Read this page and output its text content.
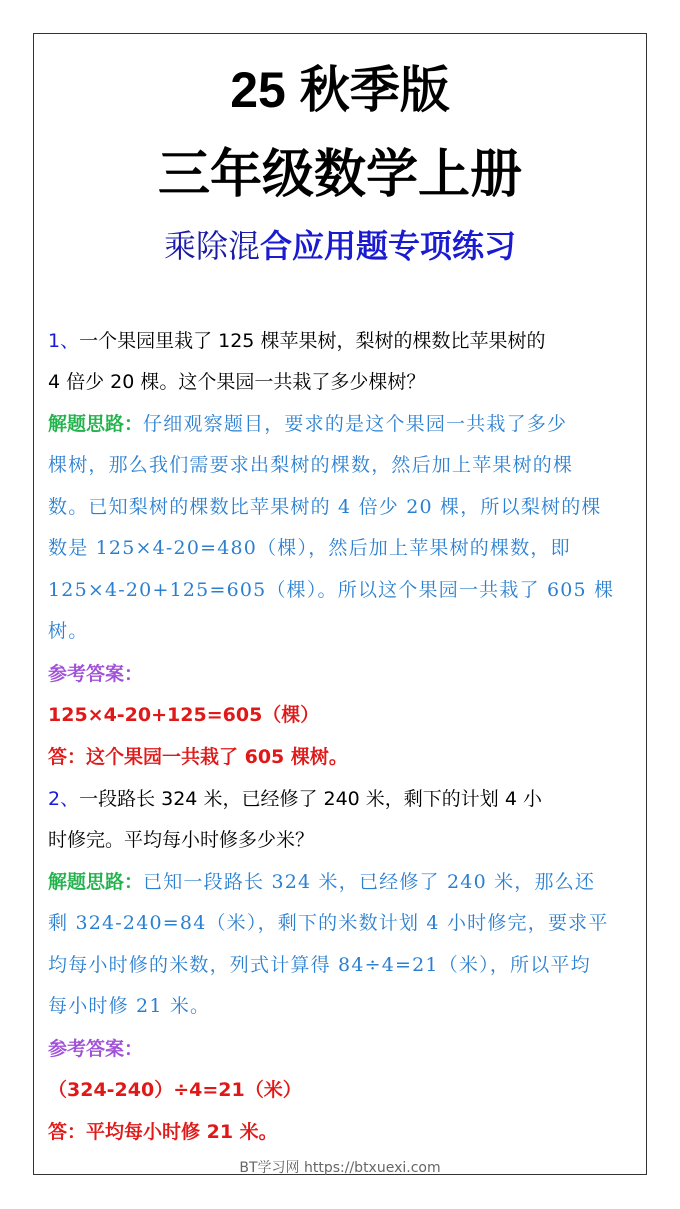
25 秋季版
三年级数学上册
乘除混合应用题专项练习
1、一个果园里栽了 125 棵苹果树，梨树的棵数比苹果树的
4 倍少 20 棵。这个果园一共栽了多少棵树？
解题思路：仔细观察题目，要求的是这个果园一共栽了多少
棵树，那么我们需要求出梨树的棵数，然后加上苹果树的棵
数。已知梨树的棵数比苹果树的 4 倍少 20 棵，所以梨树的棵
数是 125×4-20=480（棵），然后加上苹果树的棵数，即
125×4-20+125=605（棵）。所以这个果园一共栽了 605 棵
树。
参考答案：
125×4-20+125=605（棵）
答：这个果园一共栽了 605 棵树。
2、一段路长 324 米，已经修了 240 米，剩下的计划 4 小
时修完。平均每小时修多少米？
解题思路：已知一段路长 324 米，已经修了 240 米，那么还
剩 324-240=84（米），剩下的米数计划 4 小时修完，要求平
均每小时修的米数，列式计算得 84÷4=21（米），所以平均
每小时修 21 米。
参考答案：
（324-240）÷4=21（米）
答：平均每小时修 21 米。
BT学习网 https://btxuexi.com
